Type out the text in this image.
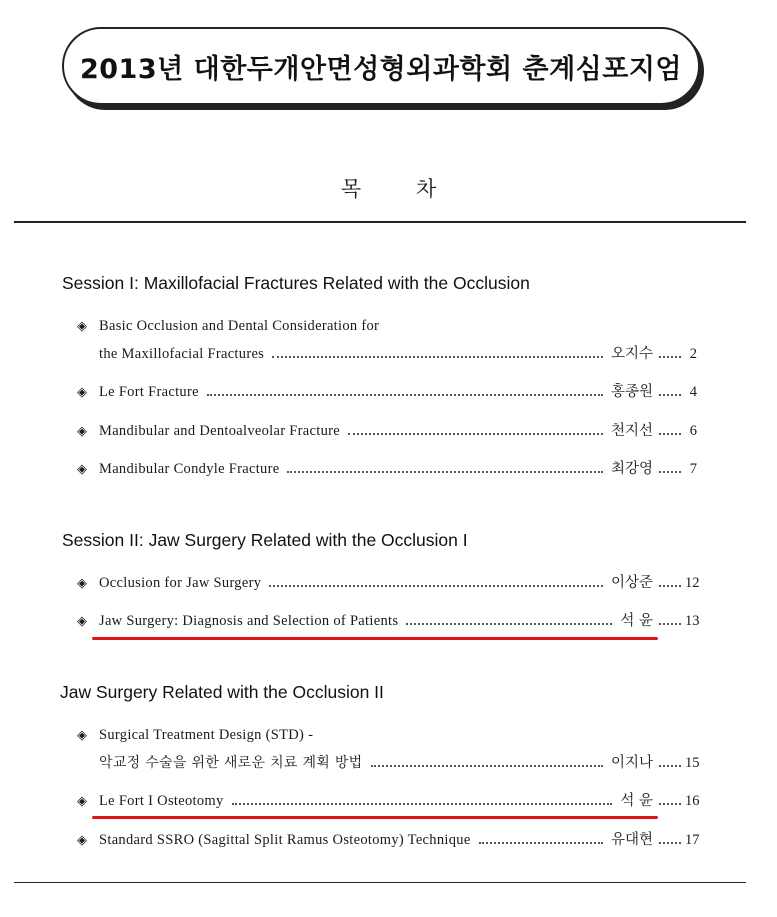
2013년 대한두개안면성형외과학회 춘계심포지엄
목 차
Session I: Maxillofacial Fractures Related with the Occlusion
◈ Basic Occlusion and Dental Consideration for
the Maxillofacial Fractures	오지수	2
◈ Le Fort Fracture	홍종원	4
◈ Mandibular and Dentoalveolar Fracture	천지선	6
◈ Mandibular Condyle Fracture	최강영	7
Session II: Jaw Surgery Related with the Occlusion I
◈ Occlusion for Jaw Surgery	이상준 12
◈ Jaw Surgery: Diagnosis and Selection of Patients	석 윤 13
Jaw Surgery Related with the Occlusion II
◈ Surgical Treatment Design (STD) -
악교정 수술을 위한 새로운 치료 계획 방법	이지나 15
◈ Le Fort I Osteotomy	석 윤 16
◈ Standard SSRO (Sagittal Split Ramus Osteotomy) Technique	유대현 17
